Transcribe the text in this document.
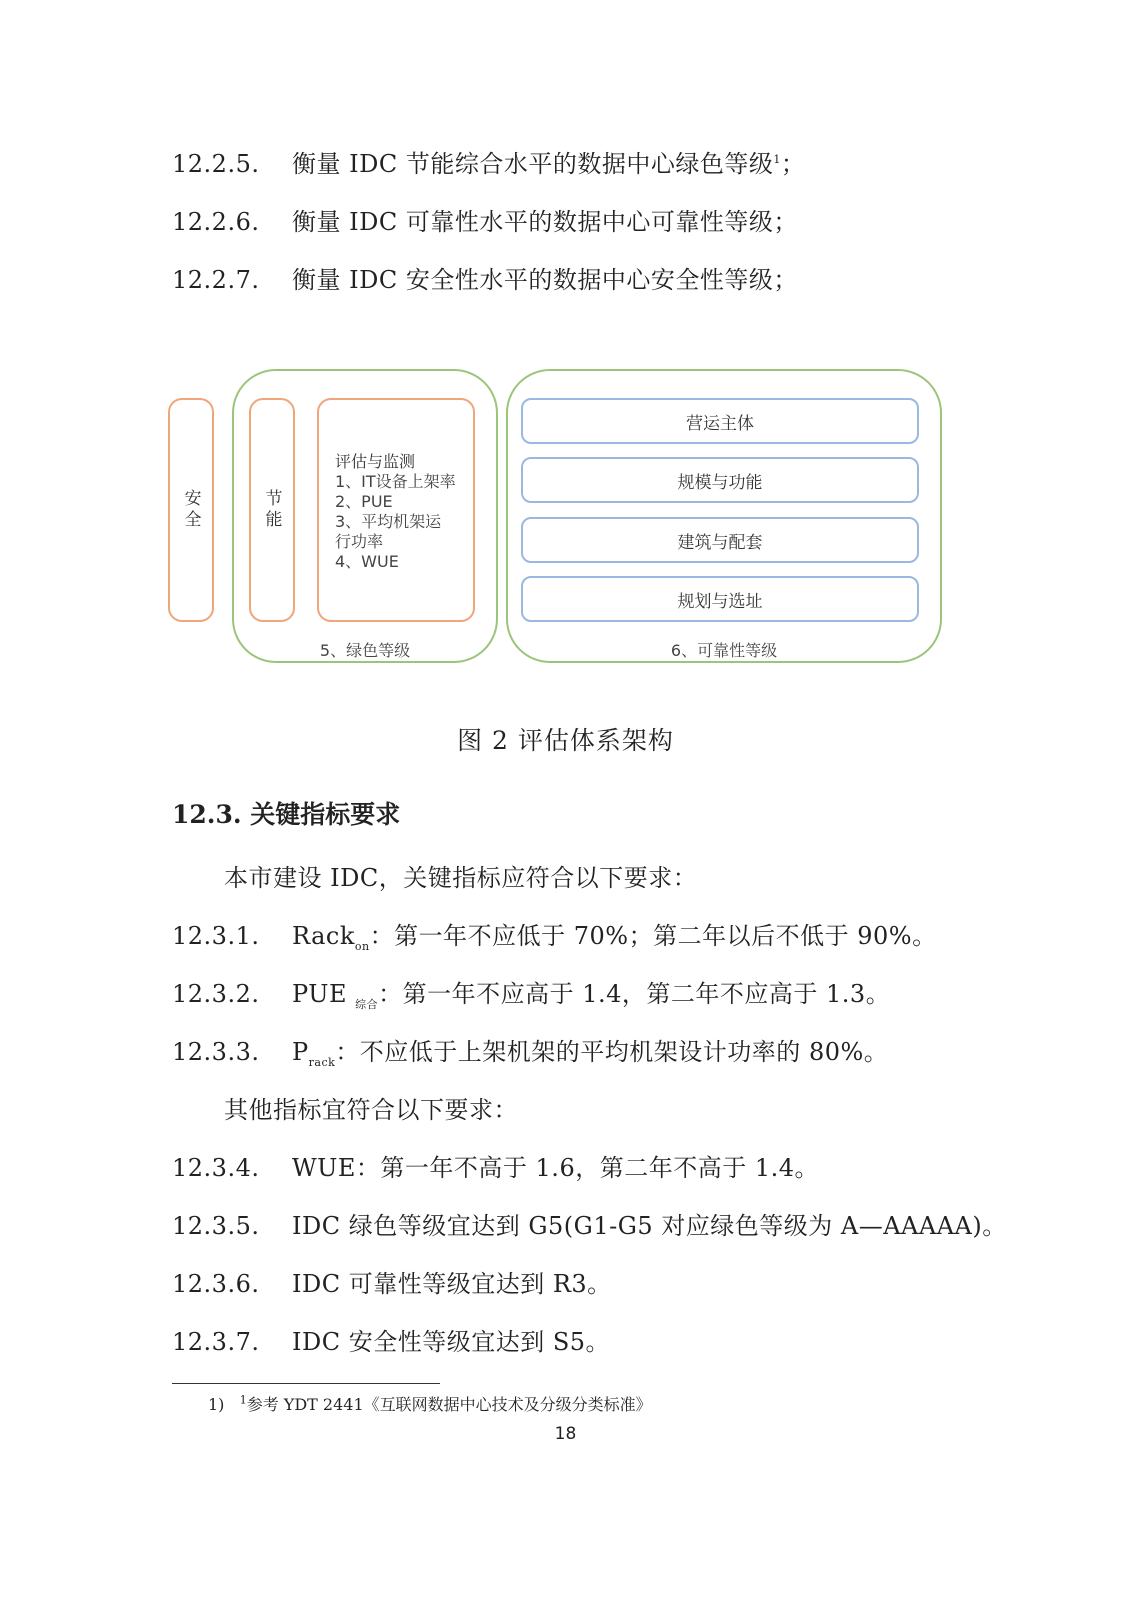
12.2.5. 衡量 IDC 节能综合水平的数据中心绿色等级$^1$；
12.2.6. 衡量 IDC 可靠性水平的数据中心可靠性等级；
12.2.7. 衡量 IDC 安全性水平的数据中心安全性等级；
安全	节能
评估与监测
1、IT设备上架率
2、PUE
3、平均机架运
行功率
4、WUE
5、绿色等级
营运主体
规模与功能
建筑与配套
规划与选址
6、可靠性等级
图 2 评估体系架构
12.3. 关键指标要求
本市建设 IDC，关键指标应符合以下要求：
12.3.1. Rack$_{on}$：第一年不应低于 70%；第二年以后不低于 90%。
12.3.2. PUE $_{综合}$：第一年不应高于 1.4，第二年不应高于 1.3。
12.3.3. $P_{rack}$：不应低于上架机架的平均机架设计功率的 80%。
其他指标宜符合以下要求：
12.3.4. WUE：第一年不高于 1.6，第二年不高于 1.4。
12.3.5. IDC 绿色等级宜达到 G5(G1-G5 对应绿色等级为 A—AAAAA)。
12.3.6. IDC 可靠性等级宜达到 R3。
12.3.7. IDC 安全性等级宜达到 S5。
1) $^1$参考 YDT 2441《互联网数据中心技术及分级分类标准》
18
